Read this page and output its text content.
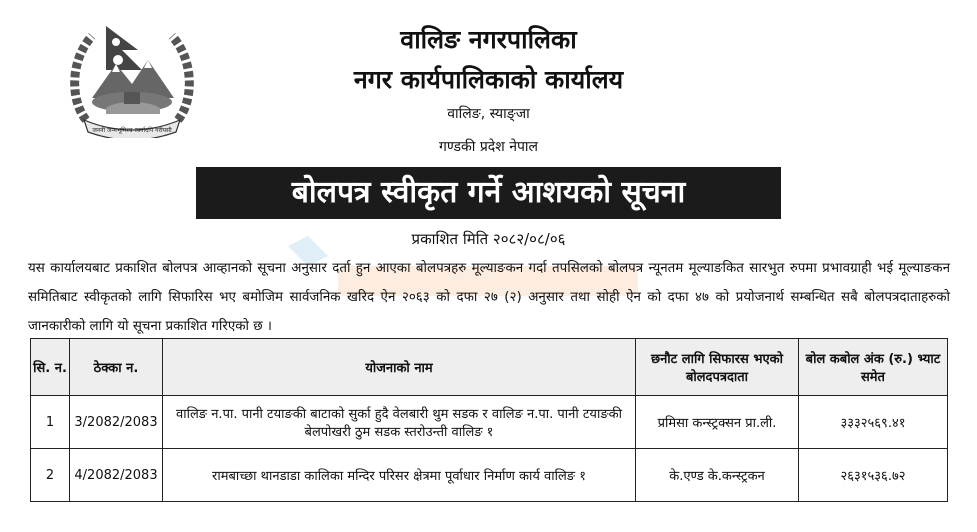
जननी जन्मभूमिश्च स्वर्गादपि गरीयसी
वालिङ नगरपालिका
नगर कार्यपालिकाको कार्यालय
वालिङ, स्याङ्जा
गण्डकी प्रदेश नेपाल
बोलपत्र स्वीकृत गर्ने आशयको सूचना
प्रकाशित मिति २०८२/०८/०६
यस कार्यालयबाट प्रकाशित बोलपत्र आव्हानको सूचना अनुसार दर्ता हुन आएका बोलपत्रहरु मूल्याङकन गर्दा तपसिलको बोलपत्र न्यूनतम मूल्याङकित सारभुत रुपमा प्रभावग्राही भई मूल्याङकन समितिबाट स्वीकृतको लागि सिफारिस भए बमोजिम सार्वजनिक खरिद ऐन २०६३ को दफा २७ (२) अनुसार तथा सोही ऐन को दफा ४७ को प्रयोजनार्थ सम्बन्धित सबै बोलपत्रदाताहरुको जानकारीको लागि यो सूचना प्रकाशित गरिएको छ ।
सि. न.	ठेक्का न.	योजनाको नाम	छनौट लागि सिफारस भएको बोलदपत्रदाता	बोल कबोल अंक (रु.) भ्याट समेत
1	3/2082/2083	वालिङ न.पा. पानी टयाङकी बाटाको सुर्का हुदै वेलबारी थुम सडक र वालिङ न.पा. पानी टयाङकी बेलपोखरी ठुम सडक स्तरोउन्ती वालिङ १	प्रमिसा कन्स्ट्रक्सन प्रा.ली.	३३३२५६९.४१
2	4/2082/2083	रामबाच्छा थानडाडा कालिका मन्दिर परिसर क्षेत्रमा पूर्वाधार निर्माण कार्य वालिङ १	के.एण्ड के.कन्स्ट्रकन	२६३१५३६.७२
